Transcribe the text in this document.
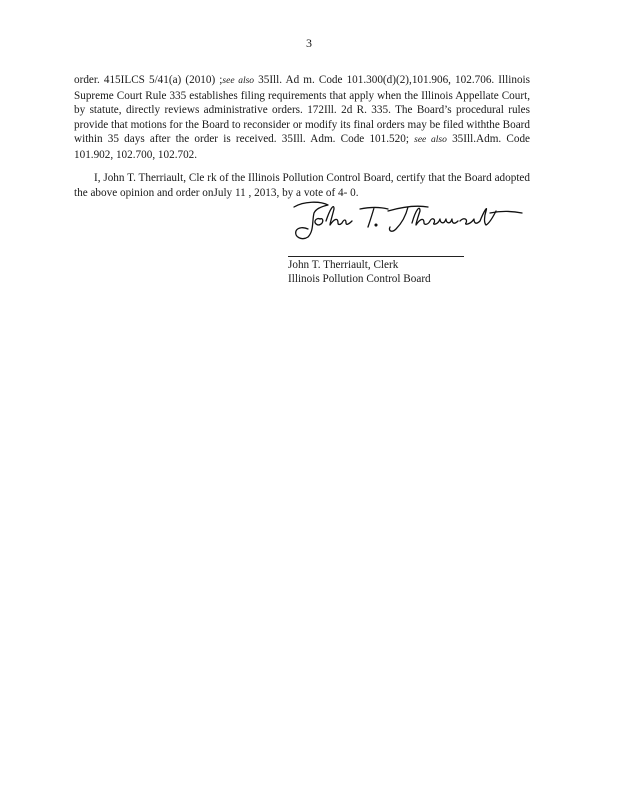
3
order. 415ILCS 5/41(a) (2010) ;see also 35Ill. Ad m. Code 101.300(d)(2),101.906, 102.706. Illinois Supreme Court Rule 335 establishes filing requirements that apply when the Illinois Appellate Court, by statute, directly reviews administrative orders. 172Ill. 2d R. 335. The Board’s procedural rules provide that motions for the Board to reconsider or modify its final orders may be filed withthe Board within 35 days after the order is received. 35Ill. Adm. Code 101.520; see also 35Ill.Adm. Code 101.902, 102.700, 102.702.
I, John T. Therriault, Cle rk of the Illinois Pollution Control Board, certify that the Board adopted the above opinion and order onJuly 11 , 2013, by a vote of 4- 0.
John T. Therriault, Clerk
Illinois Pollution Control Board
